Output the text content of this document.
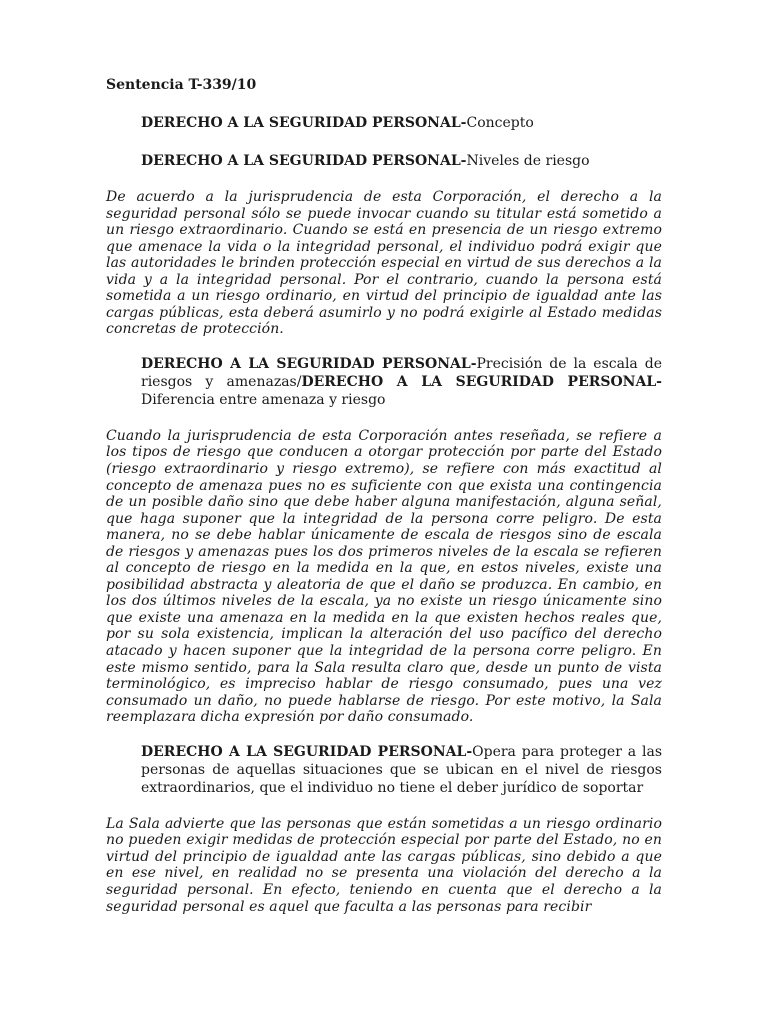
Sentencia T-339/10
DERECHO A LA SEGURIDAD PERSONAL-Concepto
DERECHO A LA SEGURIDAD PERSONAL-Niveles de riesgo

De acuerdo a la jurisprudencia de esta Corporación, el derecho a la seguridad personal sólo se puede invocar cuando su titular está sometido a un riesgo extraordinario. Cuando se está en presencia de un riesgo extremo que amenace la vida o la integridad personal, el individuo podrá exigir que las autoridades le brinden protección especial en virtud de sus derechos a la vida y a la integridad personal. Por el contrario, cuando la persona está sometida a un riesgo ordinario, en virtud del principio de igualdad ante las cargas públicas, esta deberá asumirlo y no podrá exigirle al Estado medidas concretas de protección.

DERECHO A LA SEGURIDAD PERSONAL-Precisión de la escala de riesgos y amenazas/DERECHO A LA SEGURIDAD PERSONAL-Diferencia entre amenaza y riesgo

Cuando la jurisprudencia de esta Corporación antes reseñada, se refiere a los tipos de riesgo que conducen a otorgar protección por parte del Estado (riesgo extraordinario y riesgo extremo), se refiere con más exactitud al concepto de amenaza pues no es suficiente con que exista una contingencia de un posible daño sino que debe haber alguna manifestación, alguna señal, que haga suponer que la integridad de la persona corre peligro. De esta manera, no se debe hablar únicamente de escala de riesgos sino de escala de riesgos y amenazas pues los dos primeros niveles de la escala se refieren al concepto de riesgo en la medida en la que, en estos niveles, existe una posibilidad abstracta y aleatoria de que el daño se produzca. En cambio, en los dos últimos niveles de la escala, ya no existe un riesgo únicamente sino que existe una amenaza en la medida en la que existen hechos reales que, por su sola existencia, implican la alteración del uso pacífico del derecho atacado y hacen suponer que la integridad de la persona corre peligro. En este mismo sentido, para la Sala resulta claro que, desde un punto de vista terminológico, es impreciso hablar de riesgo consumado, pues una vez consumado un daño, no puede hablarse de riesgo. Por este motivo, la Sala reemplazara dicha expresión por daño consumado.

DERECHO A LA SEGURIDAD PERSONAL-Opera para proteger a las personas de aquellas situaciones que se ubican en el nivel de riesgos extraordinarios, que el individuo no tiene el deber jurídico de soportar

La Sala advierte que las personas que están sometidas a un riesgo ordinario no pueden exigir medidas de protección especial por parte del Estado, no en virtud del principio de igualdad ante las cargas públicas, sino debido a que en ese nivel, en realidad no se presenta una violación del derecho a la seguridad personal. En efecto, teniendo en cuenta que el derecho a la seguridad personal es aquel que faculta a las personas para recibir
